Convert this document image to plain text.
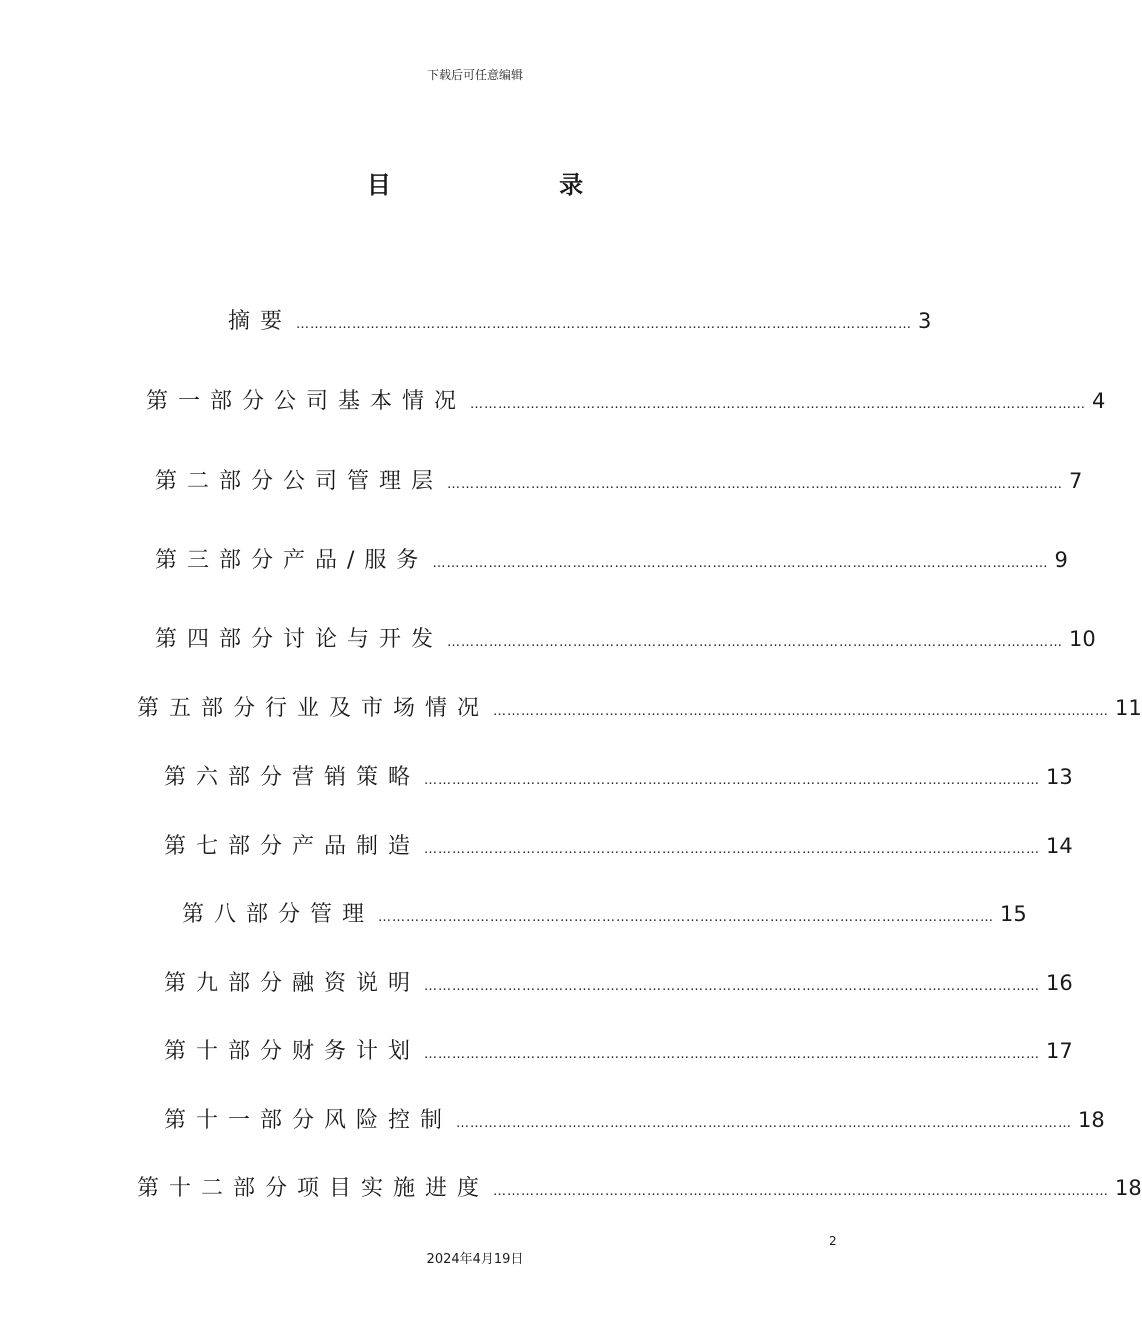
下载后可任意编辑
目 录
摘要 …………………………………………………………………………………………………………………… 3
第一部分 公司基本情况 …………………………………………………………………………………………………………………… 4
第二部分 公司管理层 …………………………………………………………………………………………………………………… 7
第三部分 产品/服务 …………………………………………………………………………………………………………………… 9
第四部分 讨论与开发 …………………………………………………………………………………………………………………… 10
第五部分 行业及市场情况 …………………………………………………………………………………………………………………… 11
第六部分 营销策略 …………………………………………………………………………………………………………………… 13
第七部分 产品制造 …………………………………………………………………………………………………………………… 14
第八部分 管理 …………………………………………………………………………………………………………………… 15
第九部分 融资说明 …………………………………………………………………………………………………………………… 16
第十部分 财务计划 …………………………………………………………………………………………………………………… 17
第十一部分 风险控制 …………………………………………………………………………………………………………………… 18
第十二部分 项目实施进度 …………………………………………………………………………………………………………………… 18
2
2024年4月19日
